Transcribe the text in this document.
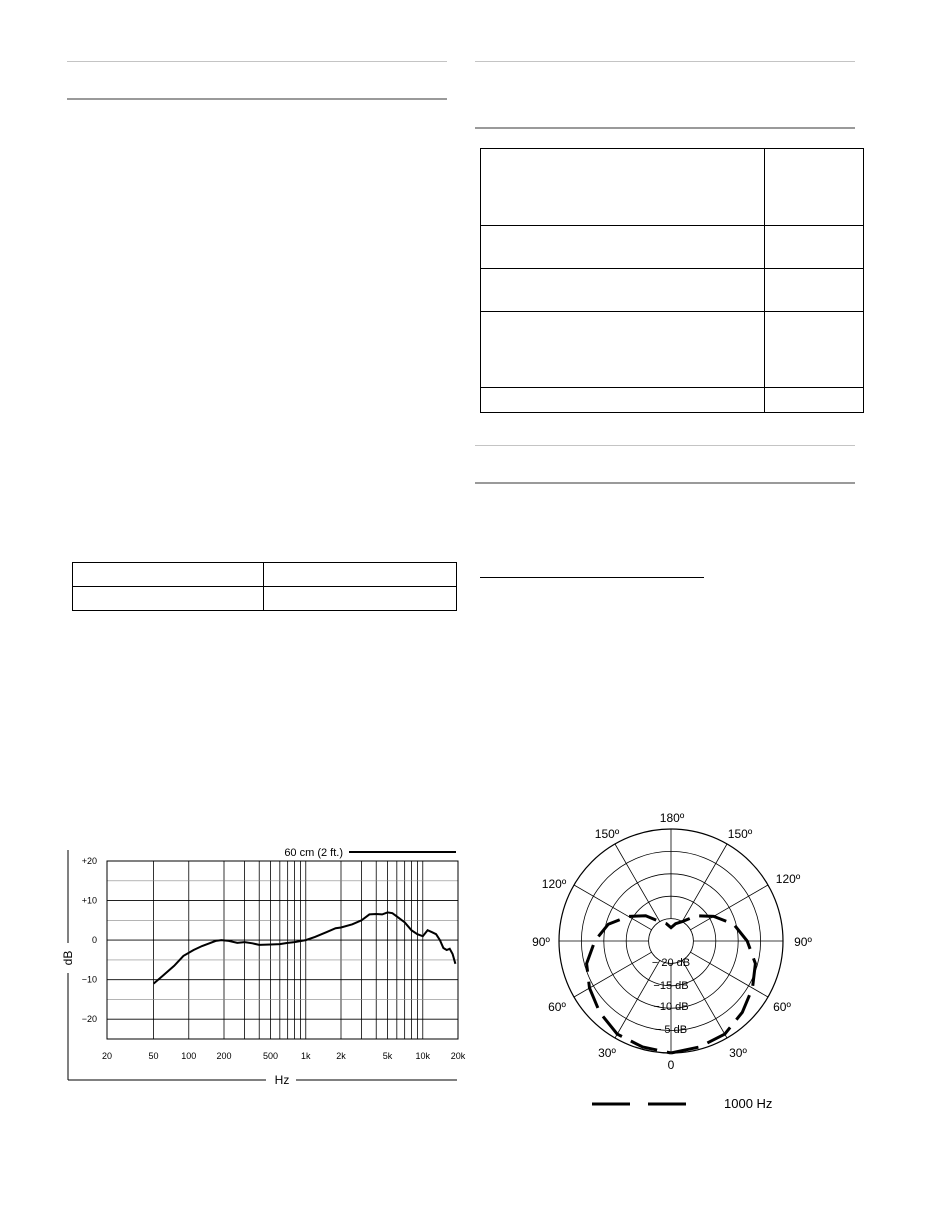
20	50	100 200	500	1k	2k	5k	10k 20k
+20
+10
0
−10
−20
60 cm (2 ft.)
dB
Hz
180º
150º	150º
120º	120º
90º	90º
60º	60º
30º	30º
0
− 20 dB
−15 dB
−10 dB
− 5 dB
1000 Hz
